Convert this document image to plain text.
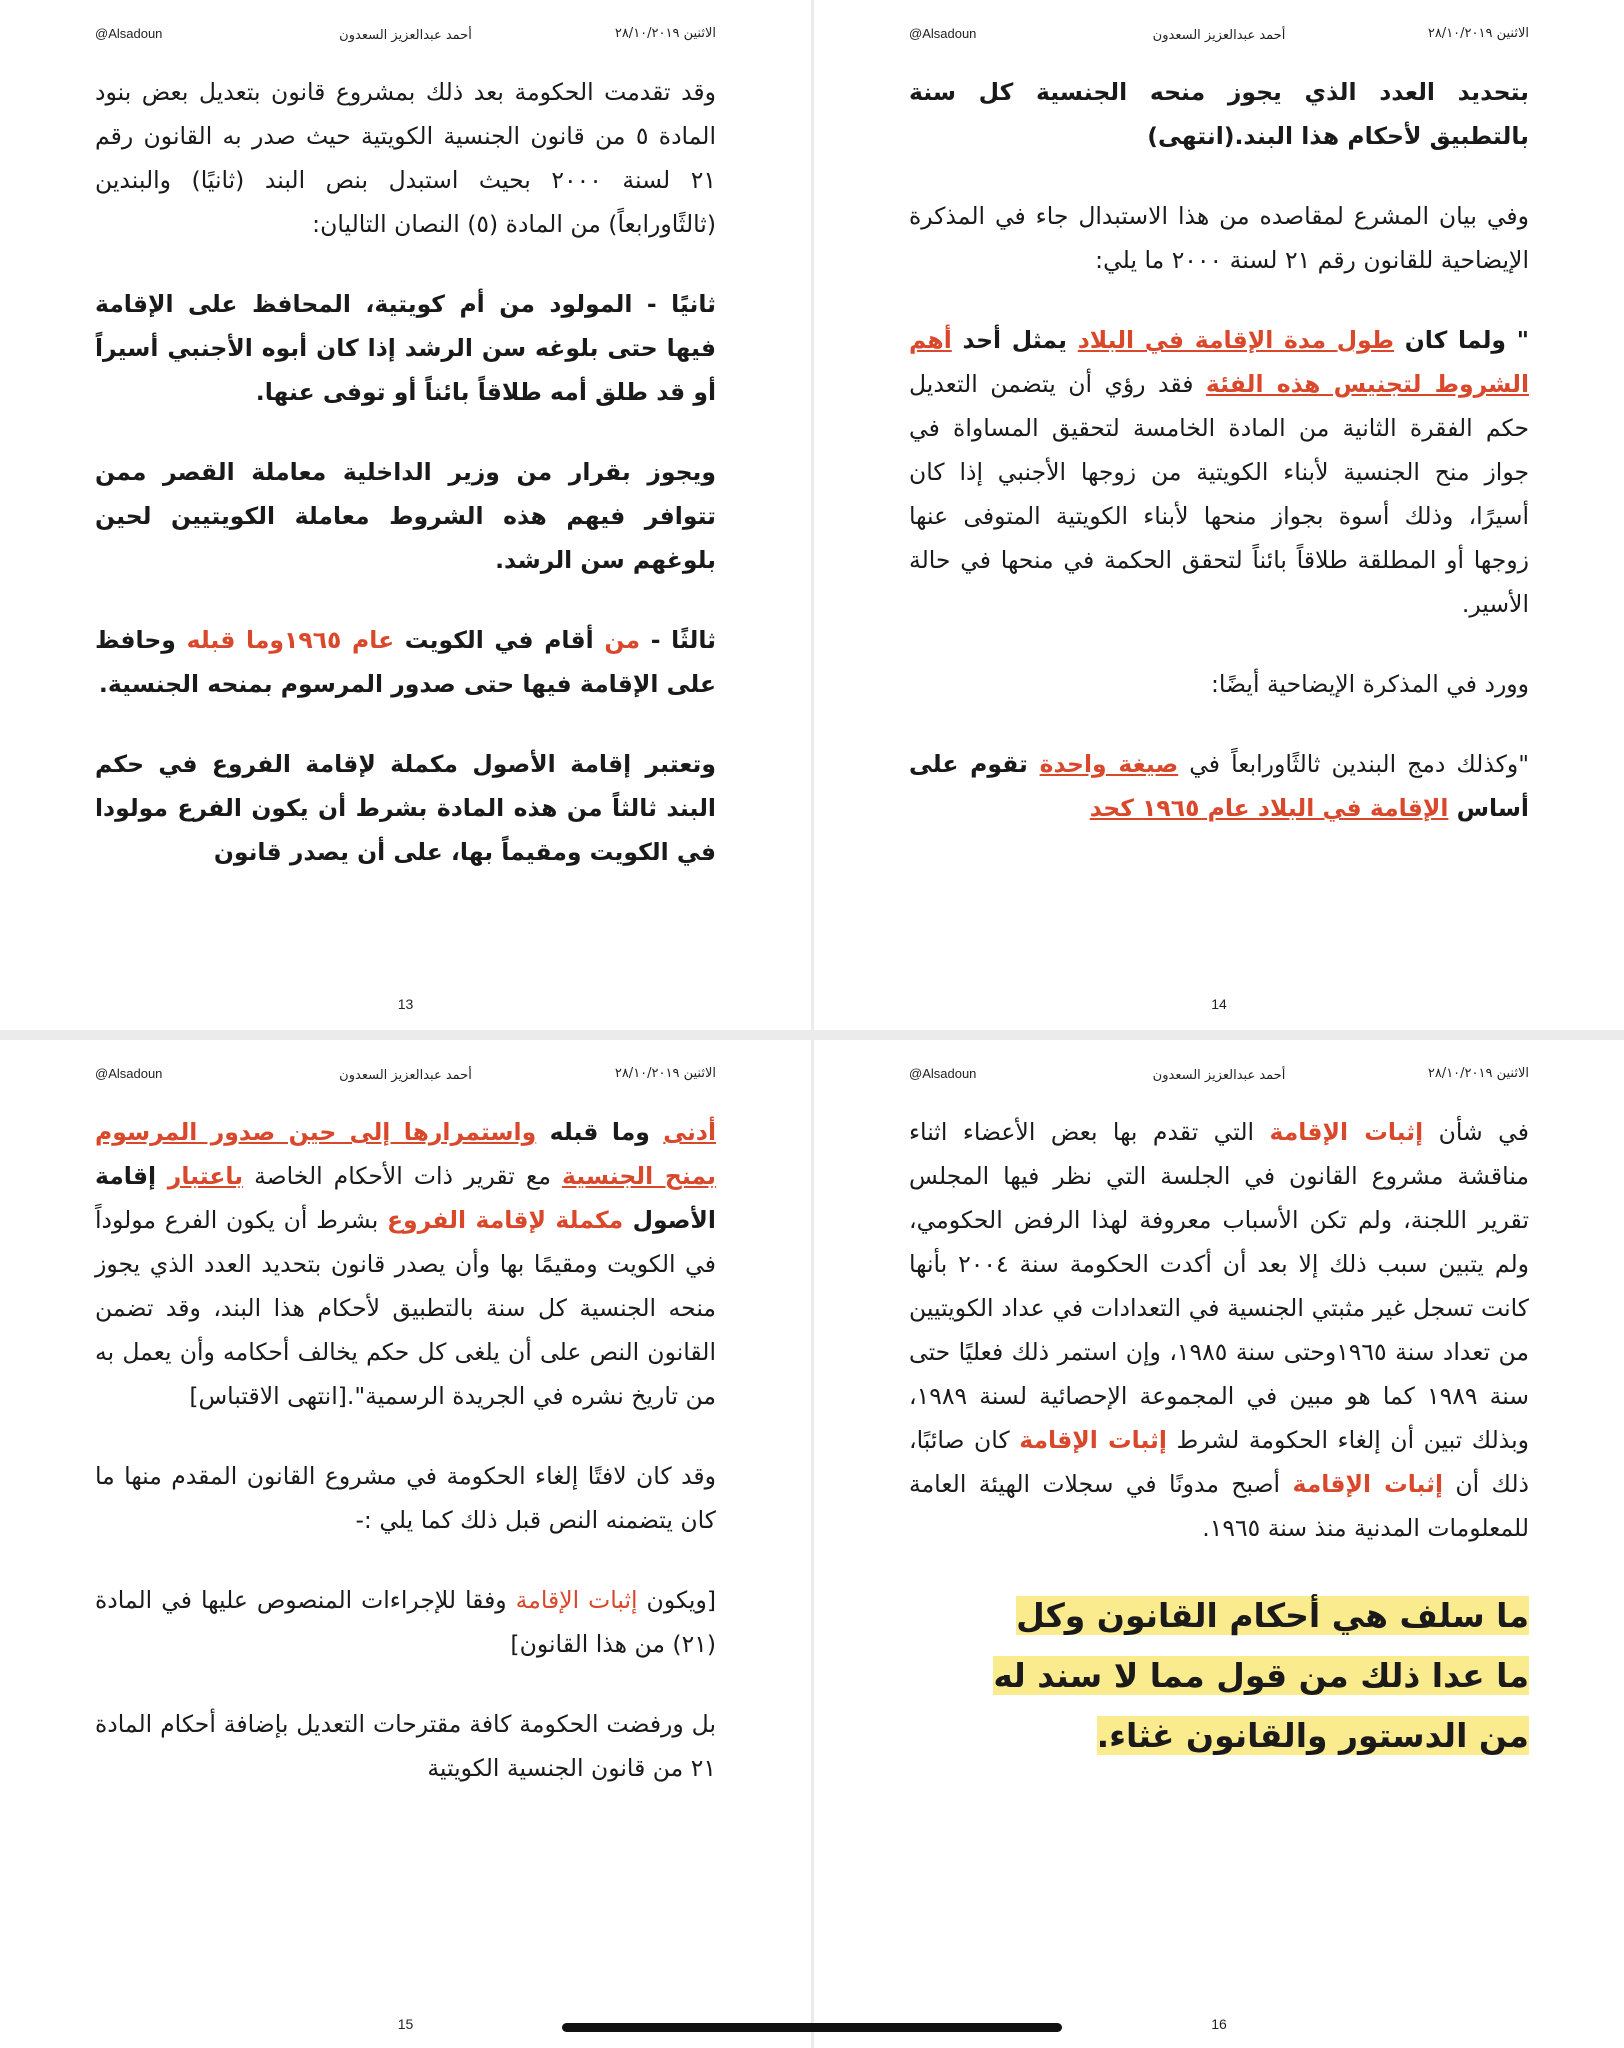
الاثنين ٢٨/١٠/٢٠١٩
أحمد عبدالعزيز السعدون
@Alsadoun

وقد تقدمت الحكومة بعد ذلك بمشروع قانون بتعديل بعض بنود المادة ٥ من قانون الجنسية الكويتية حيث صدر به القانون رقم ٢١ لسنة ٢٠٠٠ بحيث استبدل بنص البند (ثانيًا) والبندين (ثالثًاورابعاً) من المادة (٥) النصان التاليان:

ثانيًا - المولود من أم كويتية، المحافظ على الإقامة فيها حتى بلوغه سن الرشد إذا كان أبوه الأجنبي أسيراً أو قد طلق أمه طلاقاً بائناً أو توفى عنها.

ويجوز بقرار من وزير الداخلية معاملة القصر ممن تتوافر فيهم هذه الشروط معاملة الكويتيين لحين بلوغهم سن الرشد.

ثالثًا - من أقام في الكويت عام ١٩٦٥وما قبله وحافظ على الإقامة فيها حتى صدور المرسوم بمنحه الجنسية.

وتعتبر إقامة الأصول مكملة لإقامة الفروع في حكم البند ثالثاً من هذه المادة بشرط أن يكون الفرع مولودا في الكويت ومقيماً بها، على أن يصدر قانون

13
الاثنين ٢٨/١٠/٢٠١٩
أحمد عبدالعزيز السعدون
@Alsadoun

بتحديد العدد الذي يجوز منحه الجنسية كل سنة بالتطبيق لأحكام هذا البند.(انتهى)

وفي بيان المشرع لمقاصده من هذا الاستبدال جاء في المذكرة الإيضاحية للقانون رقم ٢١ لسنة ٢٠٠٠ ما يلي:

" ولما كان طول مدة الإقامة في البلاد يمثل أحد أهم الشروط لتجنيس هذه الفئة فقد رؤي أن يتضمن التعديل حكم الفقرة الثانية من المادة الخامسة لتحقيق المساواة في جواز منح الجنسية لأبناء الكويتية من زوجها الأجنبي إذا كان أسيرًا، وذلك أسوة بجواز منحها لأبناء الكويتية المتوفى عنها زوجها أو المطلقة طلاقاً بائناً لتحقق الحكمة في منحها في حالة الأسير.

وورد في المذكرة الإيضاحية أيضًا:

"وكذلك دمج البندين ثالثًاورابعاً في صيغة واحدة تقوم على أساس الإقامة في البلاد عام ١٩٦٥ كحد

14
الاثنين ٢٨/١٠/٢٠١٩
أحمد عبدالعزيز السعدون
@Alsadoun

أدنى وما قبله واستمرارها إلى حين صدور المرسوم بمنح الجنسية مع تقرير ذات الأحكام الخاصة باعتبار إقامة الأصول مكملة لإقامة الفروع بشرط أن يكون الفرع مولوداً في الكويت ومقيمًا بها وأن يصدر قانون بتحديد العدد الذي يجوز منحه الجنسية كل سنة بالتطبيق لأحكام هذا البند، وقد تضمن القانون النص على أن يلغى كل حكم يخالف أحكامه وأن يعمل به من تاريخ نشره في الجريدة الرسمية".[انتهى الاقتباس]

وقد كان لافتًا إلغاء الحكومة في مشروع القانون المقدم منها ما كان يتضمنه النص قبل ذلك كما يلي :-

[ويكون إثبات الإقامة وفقا للإجراءات المنصوص عليها في المادة (٢١) من هذا القانون]

بل ورفضت الحكومة كافة مقترحات التعديل بإضافة أحكام المادة ٢١ من قانون الجنسية الكويتية

15
الاثنين ٢٨/١٠/٢٠١٩
أحمد عبدالعزيز السعدون
@Alsadoun

في شأن إثبات الإقامة التي تقدم بها بعض الأعضاء اثناء مناقشة مشروع القانون في الجلسة التي نظر فيها المجلس تقرير اللجنة، ولم تكن الأسباب معروفة لهذا الرفض الحكومي، ولم يتبين سبب ذلك إلا بعد أن أكدت الحكومة سنة ٢٠٠٤ بأنها كانت تسجل غير مثبتي الجنسية في التعدادات في عداد الكويتيين من تعداد سنة ١٩٦٥وحتى سنة ١٩٨٥، وإن استمر ذلك فعليًا حتى سنة ١٩٨٩ كما هو مبين في المجموعة الإحصائية لسنة ١٩٨٩، وبذلك تبين أن إلغاء الحكومة لشرط إثبات الإقامة كان صائبًا، ذلك أن إثبات الإقامة أصبح مدونًا في سجلات الهيئة العامة للمعلومات المدنية منذ سنة ١٩٦٥.

ما سلف هي أحكام القانون وكل
ما عدا ذلك من قول مما لا سند له
من الدستور والقانون غثاء.
16
